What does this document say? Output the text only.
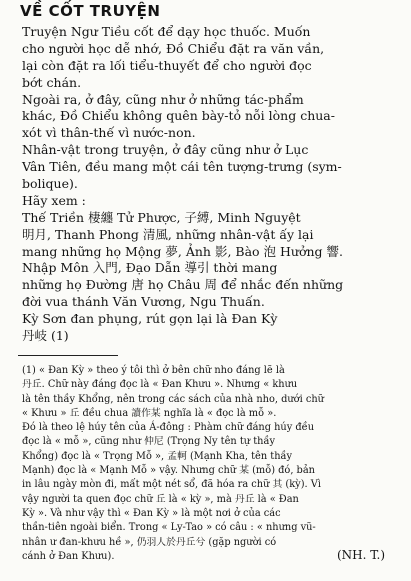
VỀ CỐT TRUYỆN
Truyện Ngư Tiều cốt để dạy học thuốc. Muốn
cho người học dễ nhớ, Đồ Chiểu đặt ra văn vần,
lại còn đặt ra lối tiểu-thuyết để cho người đọc
bớt chán.
Ngoài ra, ở đây, cũng như ở những tác-phẩm
khác, Đồ Chiểu không quên bày-tỏ nỗi lòng chua-
xót vì thân-thế vì nước-non.
Nhân-vật trong truyện, ở đây cũng như ở Lục
Vân Tiên, đều mang một cái tên tượng-trưng (sym-
bolique).
Hãy xem :
Thế Triền 棲纏 Tử Phược, 子縛, Minh Nguyệt
明月, Thanh Phong 清風, những nhân-vật ấy lại
mang những họ Mộng 夢, Ảnh 影, Bào 泡 Hưởng 響.
Nhập Môn 入門, Đạo Dẫn 導引 thời mang
những họ Đường 唐 họ Châu 周 để nhắc đến những
đời vua thánh Văn Vương, Ngu Thuấn.
Kỳ Sơn đan phụng, rút gọn lại là Đan Kỳ
丹岐 (1)
(1) « Đan Kỳ » theo ý tôi thì ở bên chữ nho đáng lẽ là
丹丘. Chữ này đáng đọc là « Đan Khưu ». Nhưng « khưu
là tên thầy Khổng, nên trong các sách của nhà nho, dưới chữ
« Khưu » 丘 đều chua 讀作某 nghĩa là « đọc là mỗ ».
Đó là theo lệ húy tên của Á-đông : Phàm chữ đáng húy đều
đọc là « mỗ », cũng như 仲尼 (Trọng Ny tên tự thầy
Khổng) đọc là « Trọng Mỗ », 孟軻 (Mạnh Kha, tên thầy
Mạnh) đọc là « Mạnh Mỗ » vậy. Nhưng chữ 某 (mỗ) đó, bản
in lâu ngày mòn đi, mất một nét sổ, đã hóa ra chữ 其 (kỳ). Vì
vậy người ta quen đọc chữ 丘 là « kỳ », mà 丹丘 là « Đan
Kỳ ». Và như vậy thì « Đan Kỳ » là một nơi ở của các
thần-tiên ngoài biển. Trong « Ly-Tao » có câu : « nhưng vũ-
nhân ư đan-khưu hề », 仍羽人於丹丘兮 (gặp người có
cánh ở Đan Khưu).	(NH. T.)
